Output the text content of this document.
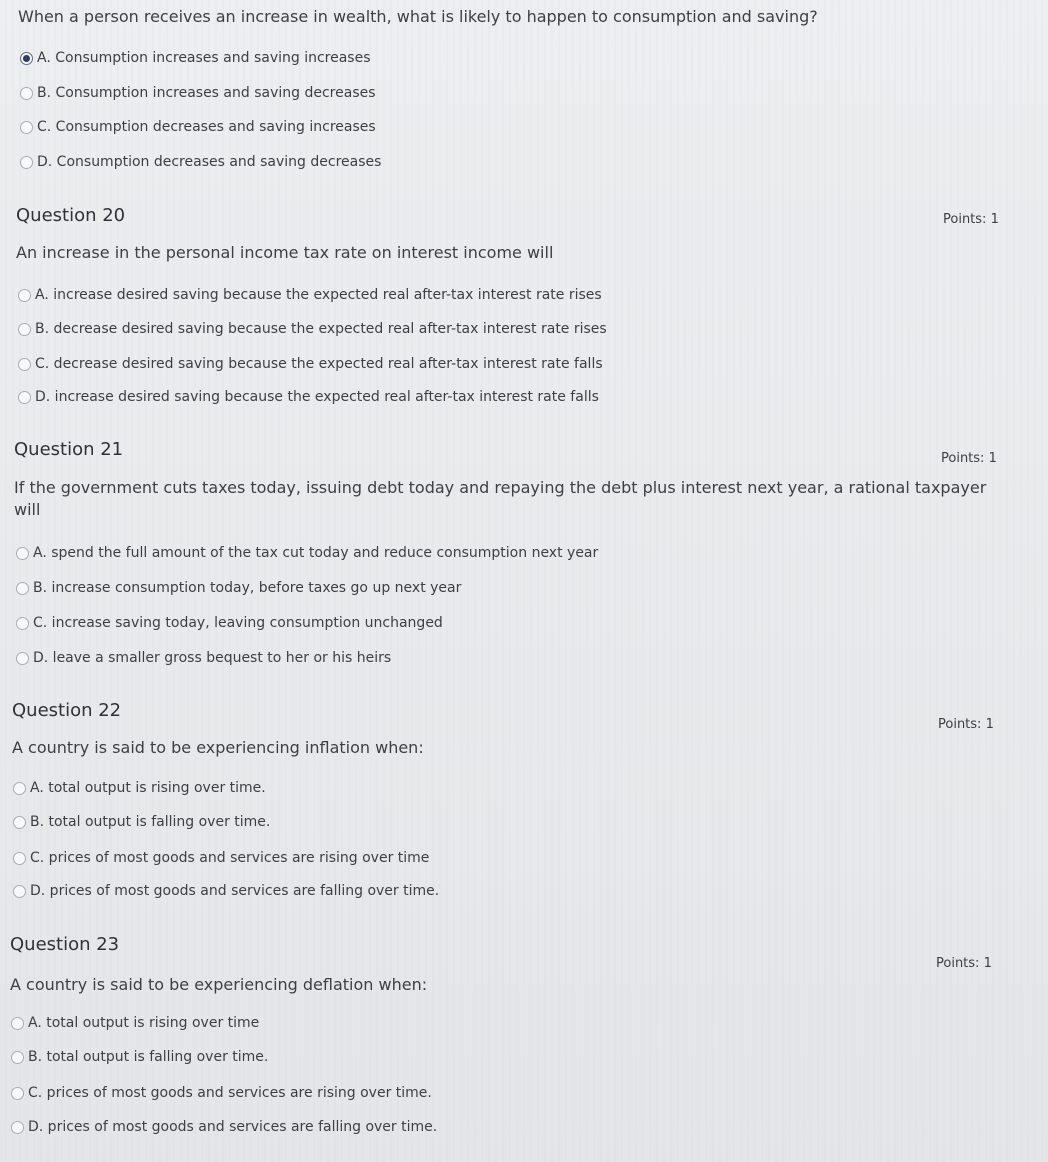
When a person receives an increase in wealth, what is likely to happen to consumption and saving?
A. Consumption increases and saving increases
B. Consumption increases and saving decreases
C. Consumption decreases and saving increases
D. Consumption decreases and saving decreases
Question 20	Points: 1
An increase in the personal income tax rate on interest income will
A. increase desired saving because the expected real after-tax interest rate rises
B. decrease desired saving because the expected real after-tax interest rate rises
C. decrease desired saving because the expected real after-tax interest rate falls
D. increase desired saving because the expected real after-tax interest rate falls
Question 21	Points: 1
If the government cuts taxes today, issuing debt today and repaying the debt plus interest next year, a rational taxpayer will
A. spend the full amount of the tax cut today and reduce consumption next year
B. increase consumption today, before taxes go up next year
C. increase saving today, leaving consumption unchanged
D. leave a smaller gross bequest to her or his heirs
Question 22
Points: 1
A country is said to be experiencing inflation when:
A. total output is rising over time.
B. total output is falling over time.
C. prices of most goods and services are rising over time
D. prices of most goods and services are falling over time.
Question 23
Points: 1
A country is said to be experiencing deflation when:
A. total output is rising over time
B. total output is falling over time.
C. prices of most goods and services are rising over time.
D. prices of most goods and services are falling over time.
